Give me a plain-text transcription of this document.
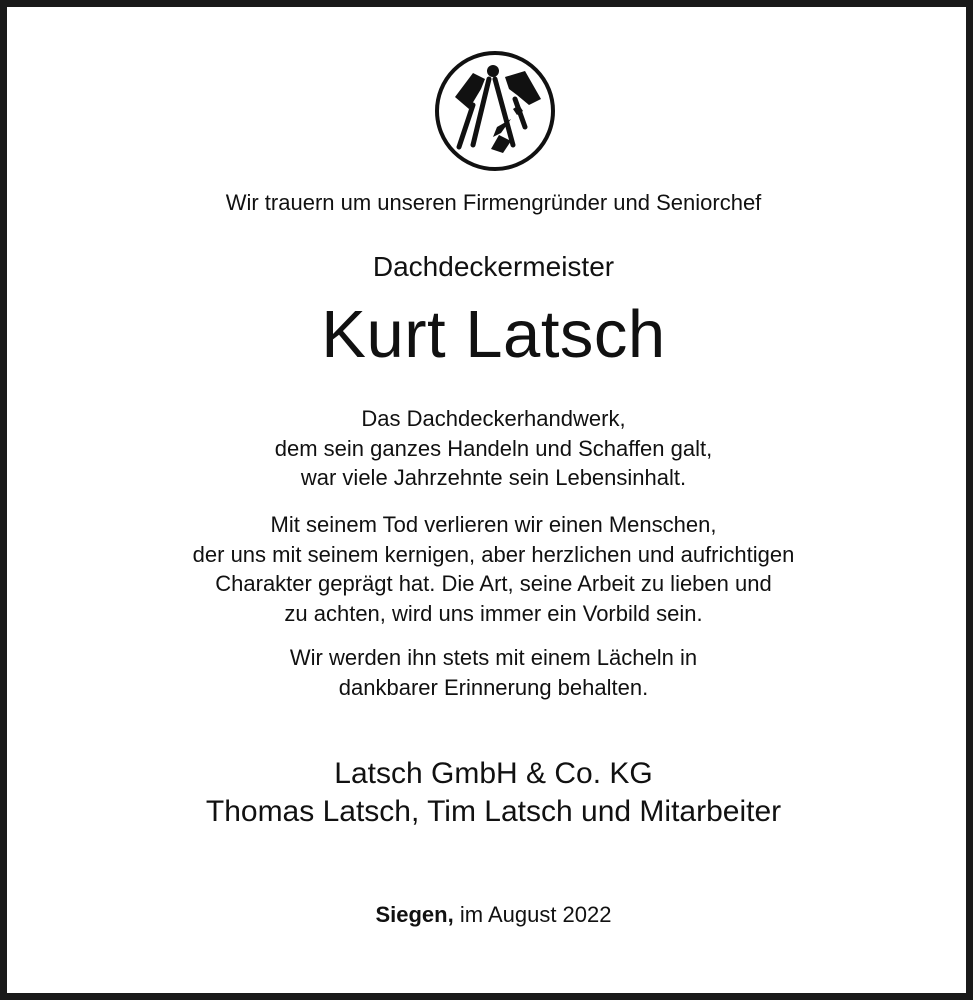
Wir trauern um unseren Firmengründer und Seniorchef
Dachdeckermeister
Kurt Latsch
Das Dachdeckerhandwerk,
dem sein ganzes Handeln und Schaffen galt,
war viele Jahrzehnte sein Lebensinhalt.
Mit seinem Tod verlieren wir einen Menschen,
der uns mit seinem kernigen, aber herzlichen und aufrichtigen
Charakter geprägt hat. Die Art, seine Arbeit zu lieben und
zu achten, wird uns immer ein Vorbild sein.
Wir werden ihn stets mit einem Lächeln in
dankbarer Erinnerung behalten.
Latsch GmbH & Co. KG
Thomas Latsch, Tim Latsch und Mitarbeiter
Siegen, im August 2022
